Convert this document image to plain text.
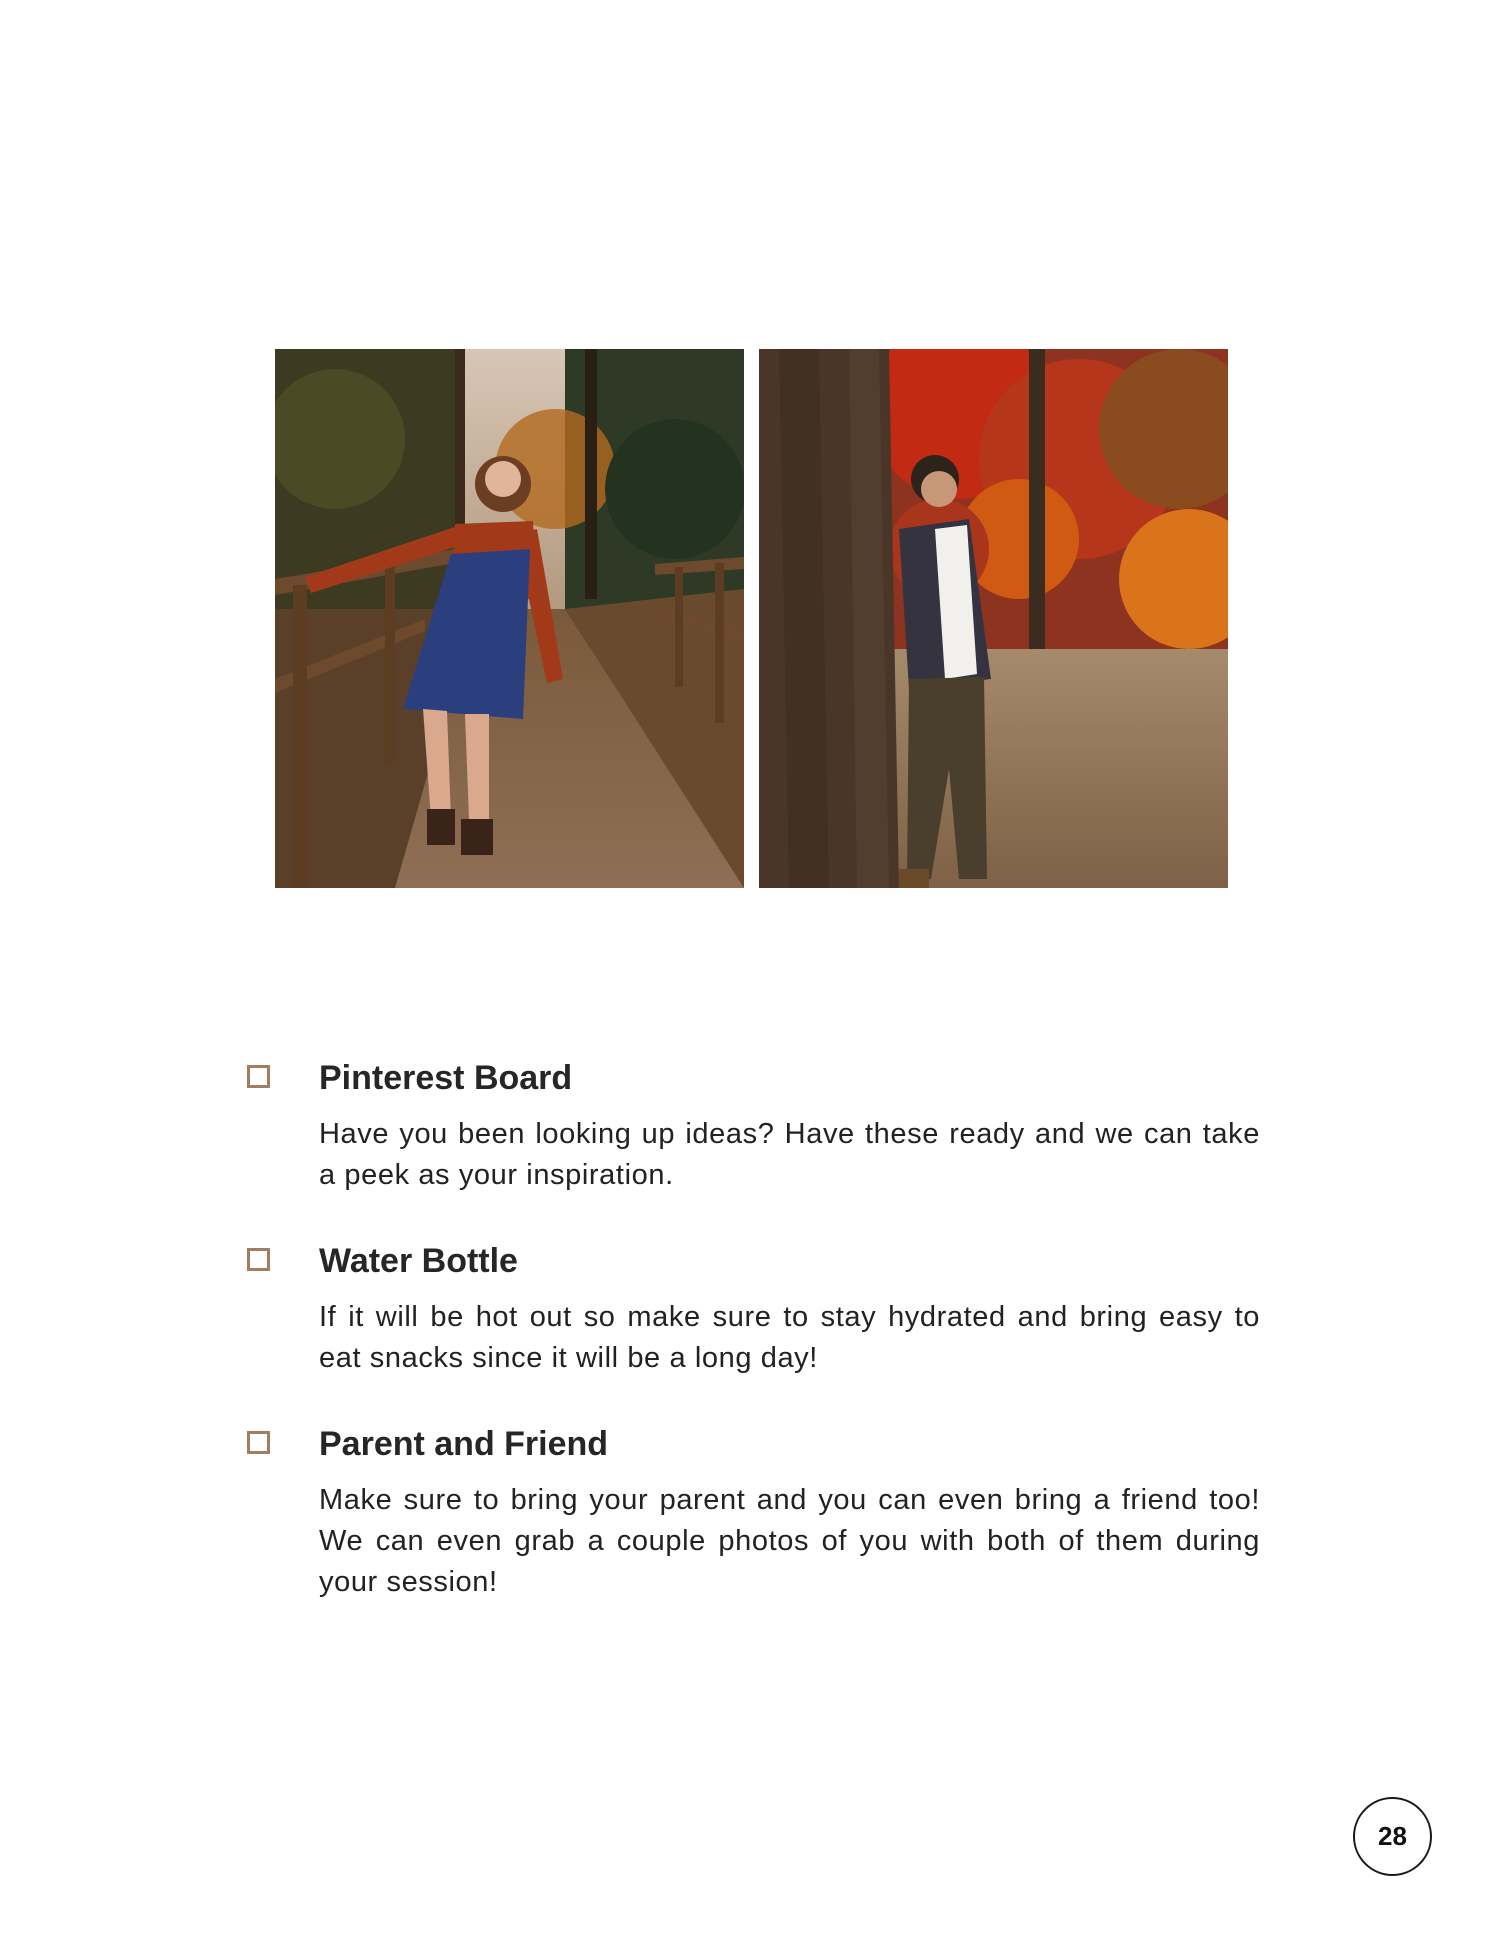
Pinterest Board
Have you been looking up ideas? Have these ready and we can take a peek as your inspiration.
Water Bottle
If it will be hot out so make sure to stay hydrated and bring easy to eat snacks since it will be a long day!
Parent and Friend
Make sure to bring your parent and you can even bring a friend too! We can even grab a couple photos of you with both of them during your session!
28
